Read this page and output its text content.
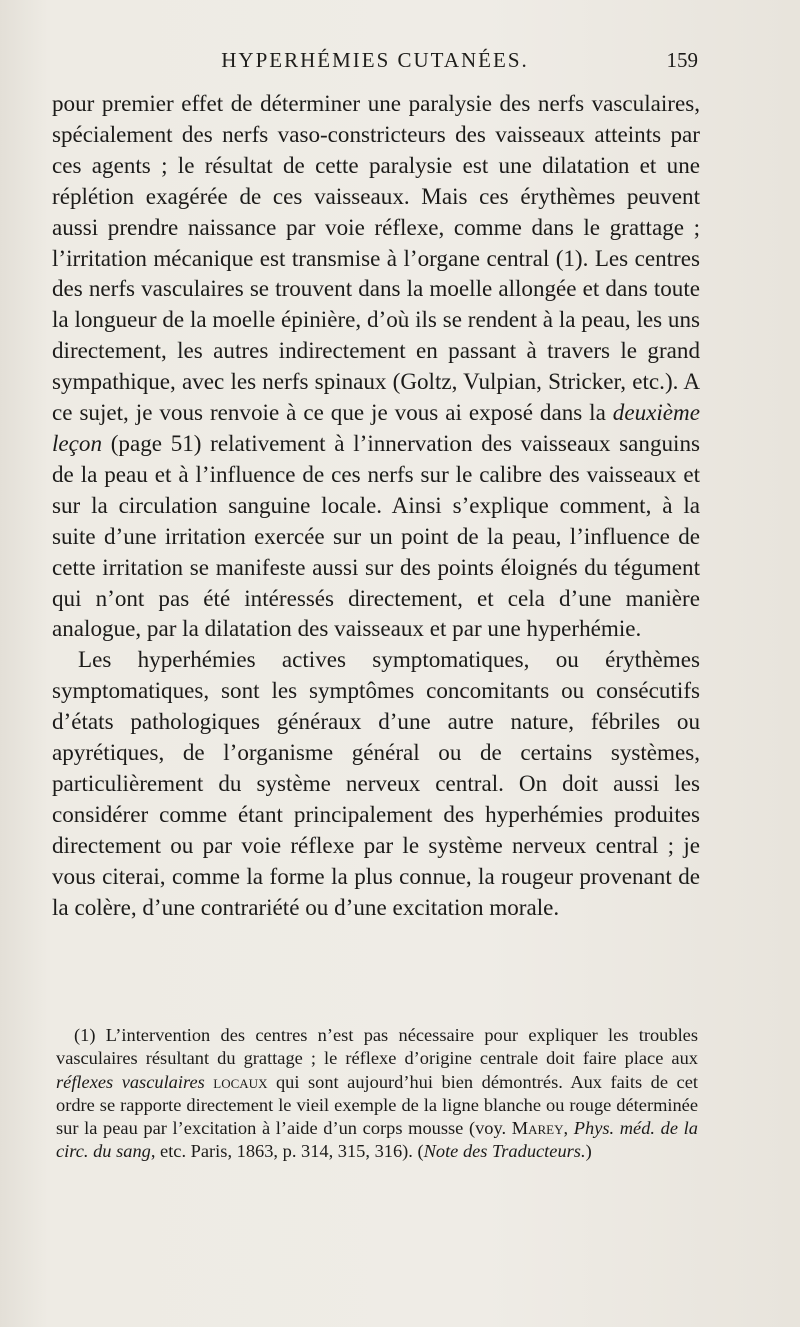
HYPERHÉMIES CUTANÉES.	159

pour premier effet de déterminer une paralysie des nerfs vasculaires, spécialement des nerfs vaso-constricteurs des vaisseaux atteints par ces agents ; le résultat de cette paralysie est une dilatation et une réplétion exagérée de ces vaisseaux. Mais ces érythèmes peuvent aussi prendre naissance par voie réflexe, comme dans le grattage ; l’irritation mécanique est transmise à l’organe central (1). Les centres des nerfs vasculaires se trouvent dans la moelle allongée et dans toute la longueur de la moelle épinière, d’où ils se rendent à la peau, les uns directement, les autres indirectement en passant à travers le grand sympathique, avec les nerfs spinaux (Goltz, Vulpian, Stricker, etc.). A ce sujet, je vous renvoie à ce que je vous ai exposé dans la deuxième leçon (page 51) relativement à l’innervation des vaisseaux sanguins de la peau et à l’influence de ces nerfs sur le calibre des vaisseaux et sur la circulation sanguine locale. Ainsi s’explique comment, à la suite d’une irritation exercée sur un point de la peau, l’influence de cette irritation se manifeste aussi sur des points éloignés du tégument qui n’ont pas été intéressés directement, et cela d’une manière analogue, par la dilatation des vaisseaux et par une hyperhémie.

Les hyperhémies actives symptomatiques, ou érythèmes symptomatiques, sont les symptômes concomitants ou consécutifs d’états pathologiques généraux d’une autre nature, fébriles ou apyrétiques, de l’organisme général ou de certains systèmes, particulièrement du système nerveux central. On doit aussi les considérer comme étant principalement des hyperhémies produites directement ou par voie réflexe par le système nerveux central ; je vous citerai, comme la forme la plus connue, la rougeur provenant de la colère, d’une contrariété ou d’une excitation morale.

(1) L’intervention des centres n’est pas nécessaire pour expliquer les troubles vasculaires résultant du grattage ; le réflexe d’origine centrale doit faire place aux réflexes vasculaires locaux qui sont aujourd’hui bien démontrés. Aux faits de cet ordre se rapporte directement le vieil exemple de la ligne blanche ou rouge déterminée sur la peau par l’excitation à l’aide d’un corps mousse (voy. Marey, Phys. méd. de la circ. du sang, etc. Paris, 1863, p. 314, 315, 316). (Note des Traducteurs.)
